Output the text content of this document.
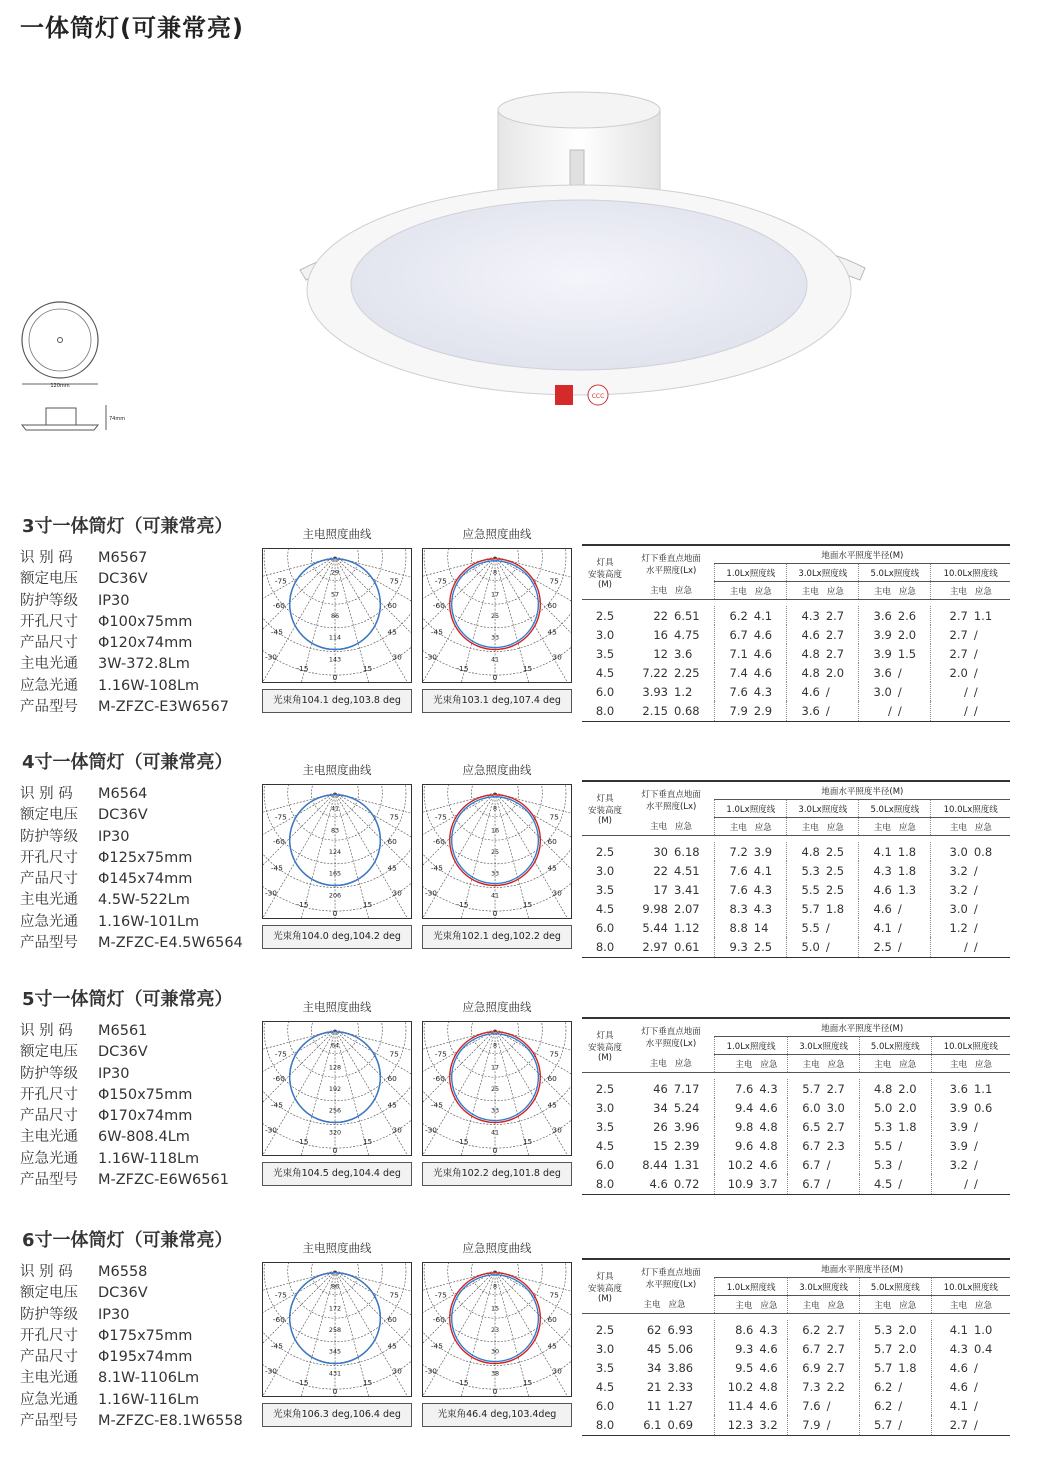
一体筒灯(可兼常亮)
CCC
120mm
74mm
3寸一体筒灯（可兼常亮）
识 别 码	M6567
额定电压	DC36V
防护等级	IP30
开孔尺寸	Φ100x75mm
产品尺寸	Φ120x74mm
主电光通	3W-372.8Lm
应急光通	1.16W-108Lm
产品型号	M-ZFZC-E3W6567
主电照度曲线	应急照度曲线
29
57
86
114
143
-75	75
-60	60
-45	45
-30	30
-15	15
0
8
17
25
33
41
-75	75
-60	60
-45	45
-30	30
-15	15
0
光束角104.1 deg,103.8 deg	光束角103.1 deg,107.4 deg
灯具
安装高度
(M)	灯下垂直点地面
水平照度(Lx)		地面水平照度半径(M)							
			1.0Lx照度线		3.0Lx照度线		5.0Lx照度线		10.0Lx照度线	
	主电	应急	主电	应急	主电	应急	主电	应急	主电	应急

2.5	22	6.51	6.2	4.1	4.3	2.7	3.6	2.6	2.7	1.1
3.0	16	4.75	6.7	4.6	4.6	2.7	3.9	2.0	2.7	/
3.5	12	3.6	7.1	4.6	4.8	2.7	3.9	1.5	2.7	/
4.5	7.22	2.25	7.4	4.6	4.8	2.0	3.6	/	2.0	/
6.0	3.93	1.2	7.6	4.3	4.6	/	3.0	/	/	/
8.0	2.15	0.68	7.9	2.9	3.6	/	/	/	/	/
4寸一体筒灯（可兼常亮）
识 别 码	M6564
额定电压	DC36V
防护等级	IP30
开孔尺寸	Φ125x75mm
产品尺寸	Φ145x74mm
主电光通	4.5W-522Lm
应急光通	1.16W-101Lm
产品型号	M-ZFZC-E4.5W6564
主电照度曲线	应急照度曲线
41
83
124
165
206
-75	75
-60	60
-45	45
-30	30
-15	15
0
8
16
25
33
41
-75	75
-60	60
-45	45
-30	30
-15	15
0
光束角104.0 deg,104.2 deg	光束角102.1 deg,102.2 deg
灯具
安装高度
(M)	灯下垂直点地面
水平照度(Lx)		地面水平照度半径(M)							
			1.0Lx照度线		3.0Lx照度线		5.0Lx照度线		10.0Lx照度线	
	主电	应急	主电	应急	主电	应急	主电	应急	主电	应急

2.5	30	6.18	7.2	3.9	4.8	2.5	4.1	1.8	3.0	0.8
3.0	22	4.51	7.6	4.1	5.3	2.5	4.3	1.8	3.2	/
3.5	17	3.41	7.6	4.3	5.5	2.5	4.6	1.3	3.2	/
4.5	9.98	2.07	8.3	4.3	5.7	1.8	4.6	/	3.0	/
6.0	5.44	1.12	8.8	14	5.5	/	4.1	/	1.2	/
8.0	2.97	0.61	9.3	2.5	5.0	/	2.5	/	/	/
5寸一体筒灯（可兼常亮）
识 别 码	M6561
额定电压	DC36V
防护等级	IP30
开孔尺寸	Φ150x75mm
产品尺寸	Φ170x74mm
主电光通	6W-808.4Lm
应急光通	1.16W-118Lm
产品型号	M-ZFZC-E6W6561
主电照度曲线	应急照度曲线
64
128
192
256
320
-75	75
-60	60
-45	45
-30	30
-15	15
0
8
17
25
33
41
-75	75
-60	60
-45	45
-30	30
-15	15
0
光束角104.5 deg,104.4 deg	光束角102.2 deg,101.8 deg
灯具
安装高度
(M)	灯下垂直点地面
水平照度(Lx)		地面水平照度半径(M)							
			1.0Lx照度线		3.0Lx照度线		5.0Lx照度线		10.0Lx照度线	
	主电	应急	主电	应急	主电	应急	主电	应急	主电	应急

2.5	46	7.17	7.6	4.3	5.7	2.7	4.8	2.0	3.6	1.1
3.0	34	5.24	9.4	4.6	6.0	3.0	5.0	2.0	3.9	0.6
3.5	26	3.96	9.8	4.8	6.5	2.7	5.3	1.8	3.9	/
4.5	15	2.39	9.6	4.8	6.7	2.3	5.5	/	3.9	/
6.0	8.44	1.31	10.2	4.6	6.7	/	5.3	/	3.2	/
8.0	4.6	0.72	10.9	3.7	6.7	/	4.5	/	/	/
6寸一体筒灯（可兼常亮）
识 别 码	M6558
额定电压	DC36V
防护等级	IP30
开孔尺寸	Φ175x75mm
产品尺寸	Φ195x74mm
主电光通	8.1W-1106Lm
应急光通	1.16W-116Lm
产品型号	M-ZFZC-E8.1W6558
主电照度曲线	应急照度曲线
86
172
258
345
431
-75	75
-60	60
-45	45
-30	30
-15	15
0
8
15
23
30
38
-75	75
-60	60
-45	45
-30	30
-15	15
0
光束角106.3 deg,106.4 deg	光束角46.4 deg,103.4deg
灯具
安装高度
(M)	灯下垂直点地面
水平照度(Lx)		地面水平照度半径(M)							
			1.0Lx照度线		3.0Lx照度线		5.0Lx照度线		10.0Lx照度线	
	主电	应急	主电	应急	主电	应急	主电	应急	主电	应急

2.5	62	6.93	8.6	4.3	6.2	2.7	5.3	2.0	4.1	1.0
3.0	45	5.06	9.3	4.6	6.7	2.7	5.7	2.0	4.3	0.4
3.5	34	3.86	9.5	4.6	6.9	2.7	5.7	1.8	4.6	/
4.5	21	2.33	10.2	4.8	7.3	2.2	6.2	/	4.6	/
6.0	11	1.27	11.4	4.6	7.6	/	6.2	/	4.1	/
8.0	6.1	0.69	12.3	3.2	7.9	/	5.7	/	2.7	/
